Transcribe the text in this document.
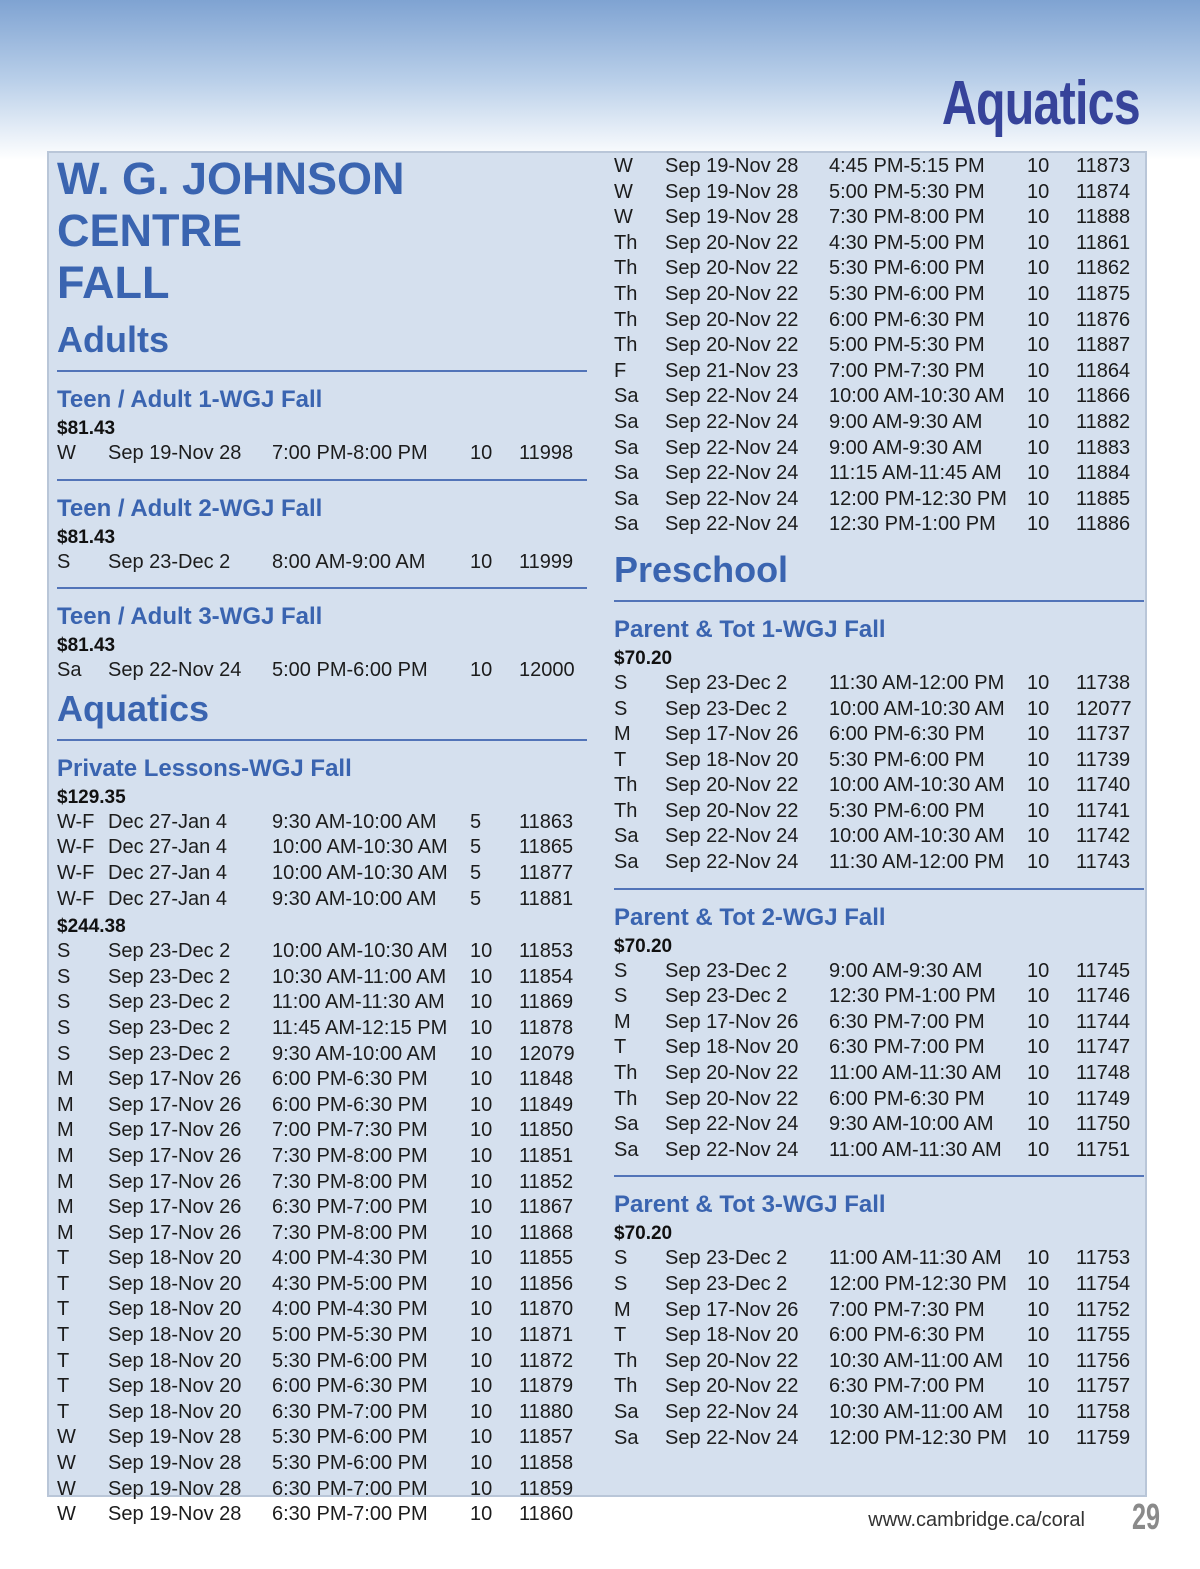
Aquatics
W. G. JOHNSON CENTRE
FALL
Adults
Teen / Adult 1-WGJ Fall
$81.43
W Sep 19-Nov 28 7:00 PM-8:00 PM 10 11998
Teen / Adult 2-WGJ Fall
$81.43
S Sep 23-Dec 2 8:00 AM-9:00 AM 10 11999
Teen / Adult 3-WGJ Fall
$81.43
Sa Sep 22-Nov 24 5:00 PM-6:00 PM 10 12000
Aquatics
Private Lessons-WGJ Fall
$129.35
W-F Dec 27-Jan 4 9:30 AM-10:00 AM 5 11863
W-F Dec 27-Jan 4 10:00 AM-10:30 AM 5 11865
W-F Dec 27-Jan 4 10:00 AM-10:30 AM 5 11877
W-F Dec 27-Jan 4 9:30 AM-10:00 AM 5 11881
$244.38
S Sep 23-Dec 2 10:00 AM-10:30 AM 10 11853
S Sep 23-Dec 2 10:30 AM-11:00 AM 10 11854
S Sep 23-Dec 2 11:00 AM-11:30 AM 10 11869
S Sep 23-Dec 2 11:45 AM-12:15 PM 10 11878
S Sep 23-Dec 2 9:30 AM-10:00 AM 10 12079
M Sep 17-Nov 26 6:00 PM-6:30 PM 10 11848
M Sep 17-Nov 26 6:00 PM-6:30 PM 10 11849
M Sep 17-Nov 26 7:00 PM-7:30 PM 10 11850
M Sep 17-Nov 26 7:30 PM-8:00 PM 10 11851
M Sep 17-Nov 26 7:30 PM-8:00 PM 10 11852
M Sep 17-Nov 26 6:30 PM-7:00 PM 10 11867
M Sep 17-Nov 26 7:30 PM-8:00 PM 10 11868
T Sep 18-Nov 20 4:00 PM-4:30 PM 10 11855
T Sep 18-Nov 20 4:30 PM-5:00 PM 10 11856
T Sep 18-Nov 20 4:00 PM-4:30 PM 10 11870
T Sep 18-Nov 20 5:00 PM-5:30 PM 10 11871
T Sep 18-Nov 20 5:30 PM-6:00 PM 10 11872
T Sep 18-Nov 20 6:00 PM-6:30 PM 10 11879
T Sep 18-Nov 20 6:30 PM-7:00 PM 10 11880
W Sep 19-Nov 28 5:30 PM-6:00 PM 10 11857
W Sep 19-Nov 28 5:30 PM-6:00 PM 10 11858
W Sep 19-Nov 28 6:30 PM-7:00 PM 10 11859
W Sep 19-Nov 28 6:30 PM-7:00 PM 10 11860
W Sep 19-Nov 28 4:45 PM-5:15 PM 10 11873
W Sep 19-Nov 28 5:00 PM-5:30 PM 10 11874
W Sep 19-Nov 28 7:30 PM-8:00 PM 10 11888
Th Sep 20-Nov 22 4:30 PM-5:00 PM 10 11861
Th Sep 20-Nov 22 5:30 PM-6:00 PM 10 11862
Th Sep 20-Nov 22 5:30 PM-6:00 PM 10 11875
Th Sep 20-Nov 22 6:00 PM-6:30 PM 10 11876
Th Sep 20-Nov 22 5:00 PM-5:30 PM 10 11887
F Sep 21-Nov 23 7:00 PM-7:30 PM 10 11864
Sa Sep 22-Nov 24 10:00 AM-10:30 AM 10 11866
Sa Sep 22-Nov 24 9:00 AM-9:30 AM 10 11882
Sa Sep 22-Nov 24 9:00 AM-9:30 AM 10 11883
Sa Sep 22-Nov 24 11:15 AM-11:45 AM 10 11884
Sa Sep 22-Nov 24 12:00 PM-12:30 PM 10 11885
Sa Sep 22-Nov 24 12:30 PM-1:00 PM 10 11886
Preschool
Parent & Tot 1-WGJ Fall
$70.20
S Sep 23-Dec 2 11:30 AM-12:00 PM 10 11738
S Sep 23-Dec 2 10:00 AM-10:30 AM 10 12077
M Sep 17-Nov 26 6:00 PM-6:30 PM 10 11737
T Sep 18-Nov 20 5:30 PM-6:00 PM 10 11739
Th Sep 20-Nov 22 10:00 AM-10:30 AM 10 11740
Th Sep 20-Nov 22 5:30 PM-6:00 PM 10 11741
Sa Sep 22-Nov 24 10:00 AM-10:30 AM 10 11742
Sa Sep 22-Nov 24 11:30 AM-12:00 PM 10 11743
Parent & Tot 2-WGJ Fall
$70.20
S Sep 23-Dec 2 9:00 AM-9:30 AM 10 11745
S Sep 23-Dec 2 12:30 PM-1:00 PM 10 11746
M Sep 17-Nov 26 6:30 PM-7:00 PM 10 11744
T Sep 18-Nov 20 6:30 PM-7:00 PM 10 11747
Th Sep 20-Nov 22 11:00 AM-11:30 AM 10 11748
Th Sep 20-Nov 22 6:00 PM-6:30 PM 10 11749
Sa Sep 22-Nov 24 9:30 AM-10:00 AM 10 11750
Sa Sep 22-Nov 24 11:00 AM-11:30 AM 10 11751
Parent & Tot 3-WGJ Fall
$70.20
S Sep 23-Dec 2 11:00 AM-11:30 AM 10 11753
S Sep 23-Dec 2 12:00 PM-12:30 PM 10 11754
M Sep 17-Nov 26 7:00 PM-7:30 PM 10 11752
T Sep 18-Nov 20 6:00 PM-6:30 PM 10 11755
Th Sep 20-Nov 22 10:30 AM-11:00 AM 10 11756
Th Sep 20-Nov 22 6:30 PM-7:00 PM 10 11757
Sa Sep 22-Nov 24 10:30 AM-11:00 AM 10 11758
Sa Sep 22-Nov 24 12:00 PM-12:30 PM 10 11759
www.cambridge.ca/coral 29
